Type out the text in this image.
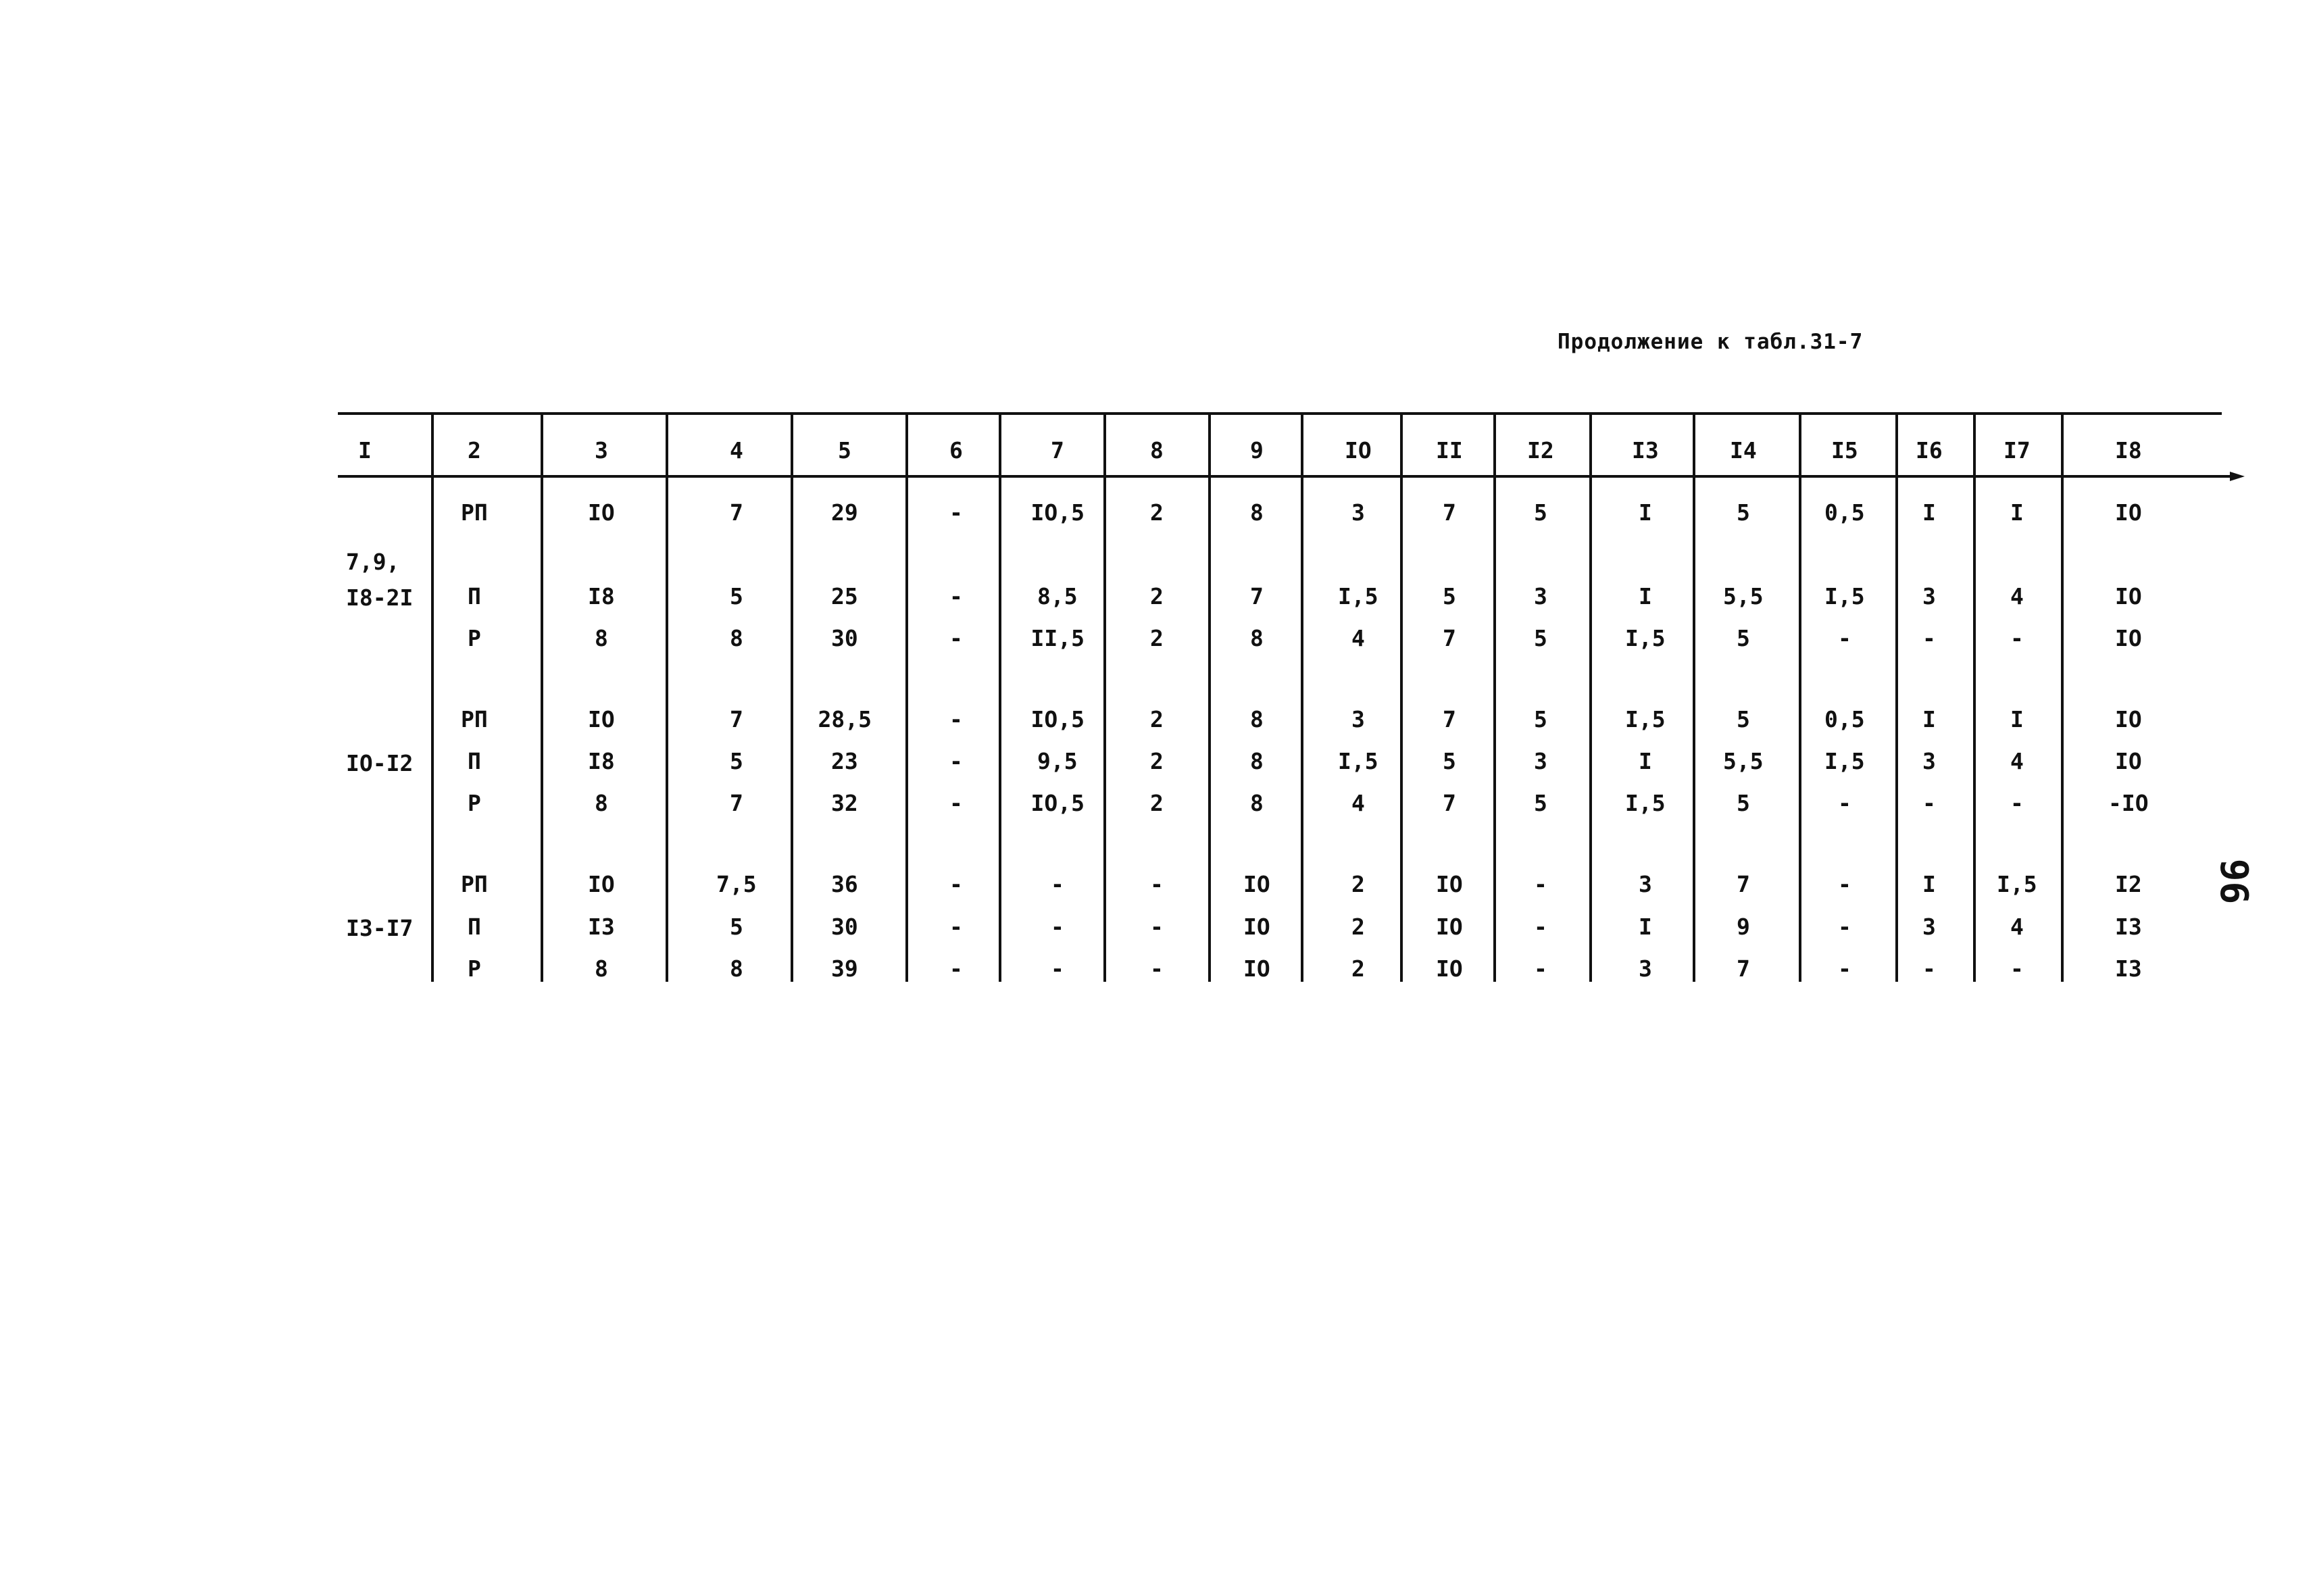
Продолжение к табл.31-7
96
I	2	3	4	5	6	7	8	9	IO	II	I2	I3	I4	I5	I6	I7	I8
7,9,
I8-2I
РП	IO	7	29	-	IO,5	2	8	3	7	5	I	5	0,5	I	I	IO
П	I8	5	25	-	8,5	2	7	I,5	5	3	I	5,5	I,5	3	4	IO
Р	8	8	30	-	II,5	2	8	4	7	5	I,5	5	-	-	-	IO
IO-I2
РП	IO	7	28,5	-	IO,5	2	8	3	7	5	I,5	5	0,5	I	I	IO
П	I8	5	23	-	9,5	2	8	I,5	5	3	I	5,5	I,5	3	4	IO
Р	8	7	32	-	IO,5	2	8	4	7	5	I,5	5	-	-	-	-IO
I3-I7
РП	IO	7,5	36	-	-	-	IO	2	IO	-	3	7	-	I	I,5	I2
П	I3	5	30	-	-	-	IO	2	IO	-	I	9	-	3	4	I3
Р	8	8	39	-	-	-	IO	2	IO	-	3	7	-	-	-	I3
